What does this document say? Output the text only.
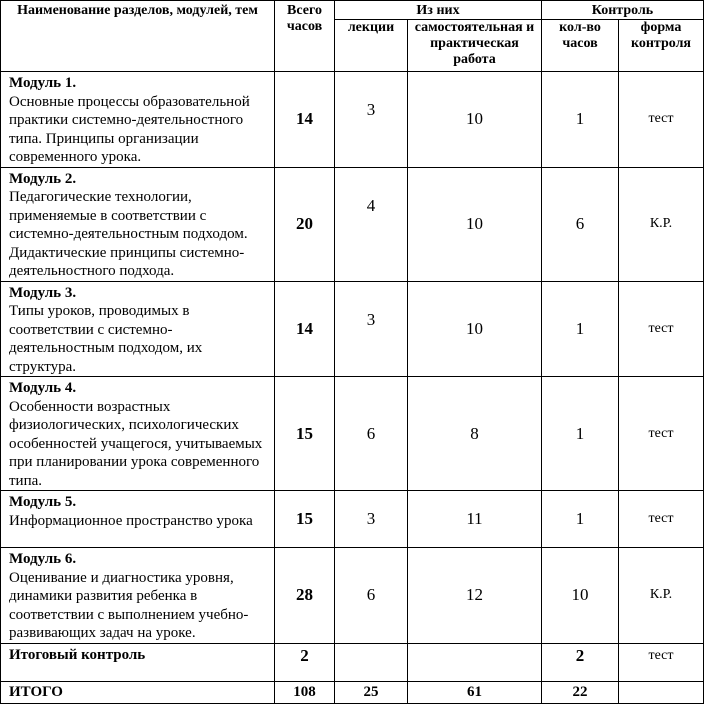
Наименование разделов, модулей, тем	Всего часов	Из них		Контроль	
		лекции	самостоятельная и практическая работа	кол-во часов	форма контроля

Модуль 1.
Основные процессы образовательной практики системно-деятельностного типа. Принципы организации современного урока.	14	3	10	1	тест

Модуль 2.
Педагогические технологии, применяемые в соответствии с системно-деятельностным подходом. Дидактические принципы системно-деятельностного подхода.	20	4	10	6	К.Р.

Модуль 3.
Типы уроков, проводимых в соответствии с системно-деятельностным подходом, их структура.	14	3	10	1	тест

Модуль 4.
Особенности возрастных физиологических, психологических особенностей учащегося, учитываемых при планировании урока современного типа.	15	6	8	1	тест

Модуль 5.
Информационное пространство урока	15	3	11	1	тест

Модуль 6.
Оценивание и диагностика уровня, динамики развития ребенка в соответствии с выполнением учебно-развивающих задач на уроке.	28	6	12	10	К.Р.

Итоговый контроль	2			2	тест

ИТОГО	108	25	61	22	
